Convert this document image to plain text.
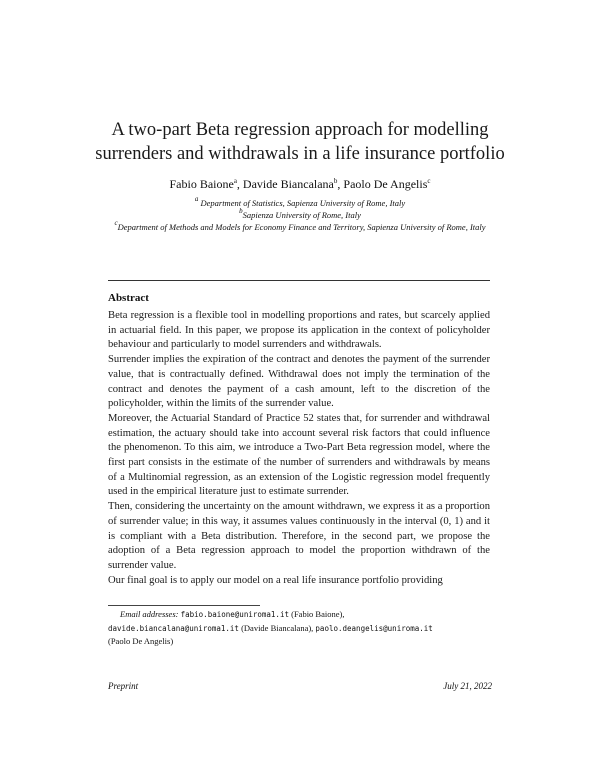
A two-part Beta regression approach for modelling
surrenders and withdrawals in a life insurance portfolio
Fabio Baione$^a$, Davide Biancalana$^b$, Paolo De Angelis$^c$
$^a$ Department of Statistics, Sapienza University of Rome, Italy
$^b$Sapienza University of Rome, Italy
$^c$Department of Methods and Models for Economy Finance and Territory, Sapienza University of Rome, Italy
Abstract

Beta regression is a flexible tool in modelling proportions and rates, but scarcely applied in actuarial field. In this paper, we propose its application in the context of policyholder behaviour and particularly to model surrenders and withdrawals.

Surrender implies the expiration of the contract and denotes the payment of the surrender value, that is contractually defined. Withdrawal does not imply the termination of the contract and denotes the payment of a cash amount, left to the discretion of the policyholder, within the limits of the surrender value.

Moreover, the Actuarial Standard of Practice 52 states that, for surrender and withdrawal estimation, the actuary should take into account several risk factors that could influence the phenomenon. To this aim, we introduce a Two-Part Beta regression model, where the first part consists in the estimate of the number of surrenders and withdrawals by means of a Multinomial regression, as an extension of the Logistic regression model frequently used in the empirical literature just to estimate surrender.

Then, considering the uncertainty on the amount withdrawn, we express it as a proportion of surrender value; in this way, it assumes values continuously in the interval (0, 1) and it is compliant with a Beta distribution. Therefore, in the second part, we propose the adoption of a Beta regression approach to model the proportion withdrawn of the surrender value.

Our final goal is to apply our model on a real life insurance portfolio providing

Email addresses: fabio.baione@uniroma1.it (Fabio Baione),
davide.biancalana@uniroma1.it (Davide Biancalana), paolo.deangelis@uniroma.it
(Paolo De Angelis)
Preprint	July 21, 2022
